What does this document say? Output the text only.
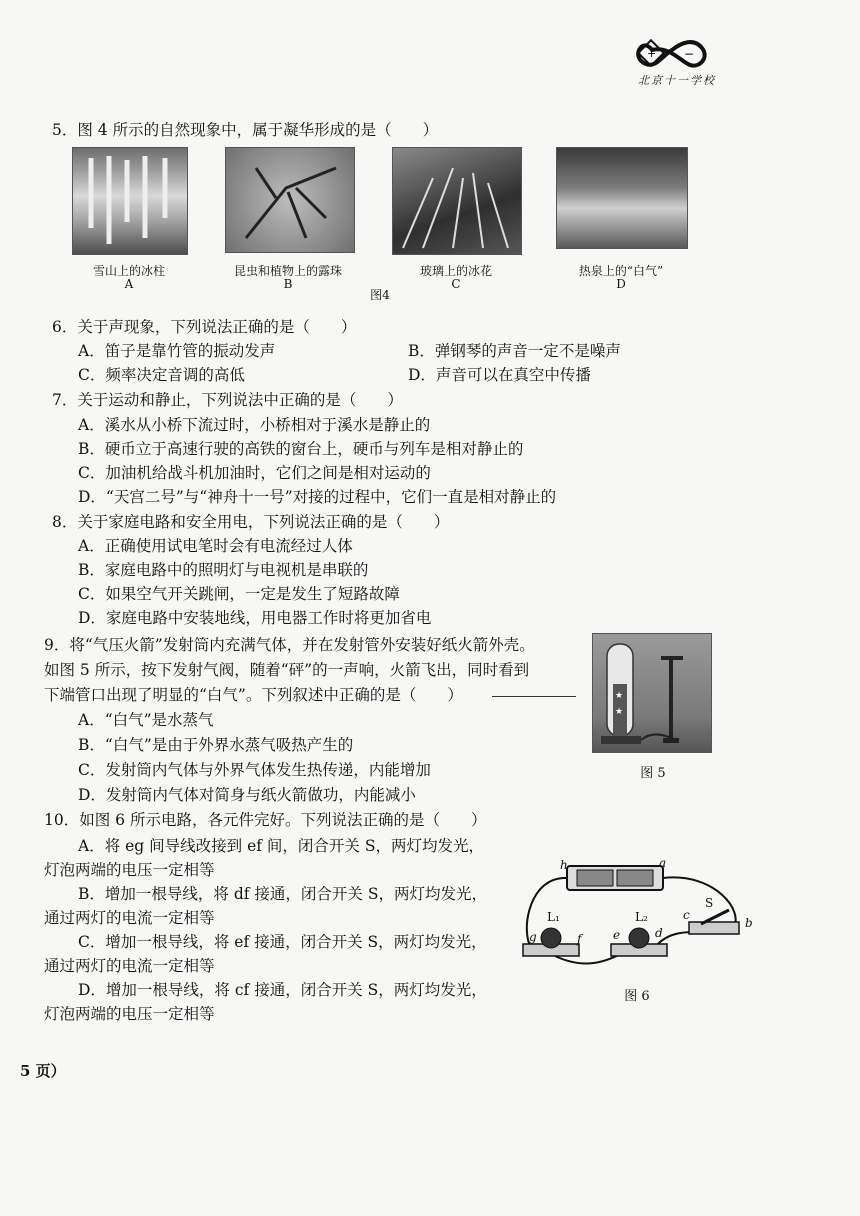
+ −
北京十一学校
5．图 4 所示的自然现象中，属于凝华形成的是（　　）
雪山上的冰柱
A
昆虫和植物上的露珠
B
图4
玻璃上的冰花
C
热泉上的“白气”
D
6．关于声现象，下列说法正确的是（　　）
A．笛子是靠竹管的振动发声	B．弹钢琴的声音一定不是噪声
C．频率决定音调的高低	D．声音可以在真空中传播
7．关于运动和静止，下列说法中正确的是（　　）
A．溪水从小桥下流过时，小桥相对于溪水是静止的
B．硬币立于高速行驶的高铁的窗台上，硬币与列车是相对静止的
C．加油机给战斗机加油时，它们之间是相对运动的
D．“天宫二号”与“神舟十一号”对接的过程中，它们一直是相对静止的
8．关于家庭电路和安全用电，下列说法正确的是（　　）
A．正确使用试电笔时会有电流经过人体
B．家庭电路中的照明灯与电视机是串联的
C．如果空气开关跳闸，一定是发生了短路故障
D．家庭电路中安装地线，用电器工作时将更加省电
9．将“气压火箭”发射筒内充满气体，并在发射管外安装好纸火箭外壳。
如图 5 所示，按下发射气阀，随着“砰”的一声响，火箭飞出，同时看到
下端管口出现了明显的“白气”。下列叙述中正确的是（　　）
A．“白气”是水蒸气
B．“白气”是由于外界水蒸气吸热产生的
C．发射筒内气体与外界气体发生热传递，内能增加
D．发射筒内气体对简身与纸火箭做功，内能减小
★
★
图 5
10．如图 6 所示电路，各元件完好。下列说法正确的是（　　）
A．将 eg 间导线改接到 ef 间，闭合开关 S，两灯均发光，
灯泡两端的电压一定相等
B．增加一根导线，将 df 接通，闭合开关 S，两灯均发光，
通过两灯的电流一定相等
C．增加一根导线，将 ef 接通，闭合开关 S，两灯均发光，
通过两灯的电流一定相等
D．增加一根导线，将 cf 接通，闭合开关 S，两灯均发光，
灯泡两端的电压一定相等
h	a
L₁	L₂
S
c
b
g	f	e	d
图 6
5 页）
